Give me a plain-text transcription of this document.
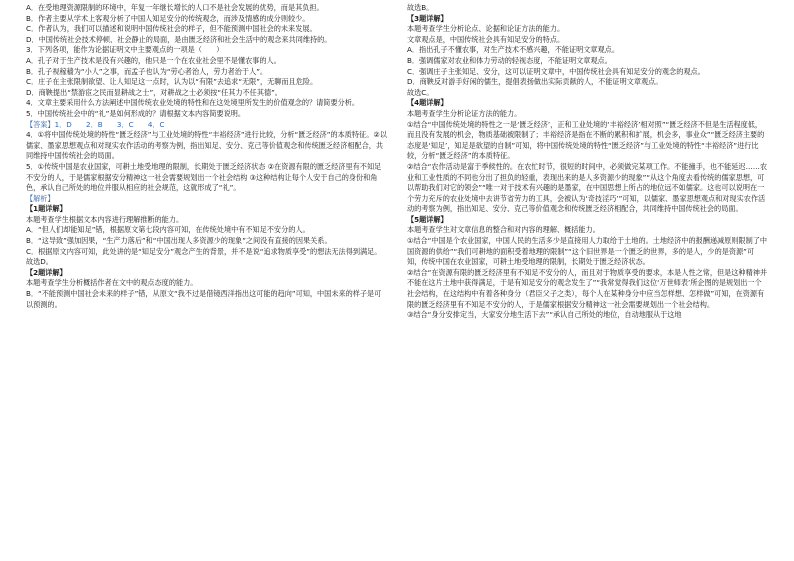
A．在受地理资源限制的环境中，年复一年继长增长的人口不是社会发展的优势，而是其负担。

B．作者主要从学术上客观分析了中国人知足安分的传统观念，而涉及情感的成分则较少。

C．作者认为，我们可以描述和说明中国传统社会的样子，但不能预测中国社会的未来发展。

D．中国传统社会技术停顿、社会静止的局面，是由匮乏经济和社会生活中的观念来共同维持的。

3．下列各项，能作为论据证明文中主要观点的一项是（　　）

A．孔子对于生产技术是没有兴趣的，他只是一个在农业社会里不是懂农事的人。

B．孔子视稼穑为“小人”之事，而孟子也认为“劳心者治人，劳力者治于人”。

C．庄子在主张限制欲望、让人知足这一点时，认为以“有限”去追求“无限”，无聊而且危险。

D．商鞅提出“禁游宦之民而显耕战之士”，对耕战之士必须按“任其力不任其德”。

4．文章主要采用什么方法阐述中国传统农业处境的特性和在这处境里所发生的价值观念的？请简要分析。

5．中国传统社会中的“礼”是如何形成的？请根据文本内容简要说明。

【答案】1．D　　2．B　　3．C　　4．C

4．①将中国传统处境的特性“匮乏经济”与工业处境的特性“丰裕经济”进行比较，分析“匮乏经济”的本质特征。②以儒家、墨家思想观点和对现实农作活动的考察为例，指出知足、安分、克己等价值观念和传统匮乏经济相配合，共同维持中国传统社会的局面。

5．①传统中国是农业国家，可耕土地受地理的限制，长期处于匮乏经济状态 ②在资源有限的匮乏经济里有不知足不安分的人，于是儒家根据安分精神这一社会需要规划出一个社会结构 ③这种结构让每个人安于自己的身份和角色，承认自己所处的地位并服从相应的社会规范，这就形成了“礼”。

【解析】

【1题详解】

本题考查学生根据文本内容进行理解推断的能力。

A．“但人们却能知足”错，根据原文第七段内容可知，在传统处境中有不知足不安分的人。

B．“这导致”强加因果，“生产力落后”和“中国出现人多资源少的现象”之间没有直接的因果关系。

C．根据原文内容可知，此处讲的是“知足安分”观念产生的背景，并不是说“追求物质享受”的想法无法得到满足。

故选D。

【2题详解】

本题考查学生分析概括作者在文中的观点态度的能力。

B．“不能预测中国社会未来的样子”错，从原文“我不过是借镜西洋指出这可能的趋向”可知，中国未来的样子是可以预测的。

故选B。

【3题详解】

本题考查学生分析论点、论据和论证方法的能力。

文章观点是，中国传统社会具有知足安分的特点。

A．指出孔子不懂农事，对生产技术不感兴趣，不能证明文章观点。

B．强调儒家对农业和体力劳动的轻视态度，不能证明文章观点。

C．强调庄子主张知足、安分，这可以证明文章中，中国传统社会具有知足安分的观念的观点。

D．商鞅反对游手好闲的儒生，提倡表扬做出实际贡献的人，不能证明文章观点。

故选C。

【4题详解】

本题考查学生分析论证方法的能力。

①结合“中国传统处境的特性之一是‘匮乏经济’，正和工业处境的‘丰裕经济’相对照”“匮乏经济不但是生活程度低，而且没有发展的机会，物质基础被限制了；丰裕经济是指在不断的累积和扩展，机会多，事业众”“匮乏经济主要的态度是‘知足’，知足是欲望的自制”可知，将中国传统处境的特性“匮乏经济”与工业处境的特性“丰裕经济”进行比较，分析“匮乏经济”的本质特征。

②结合“农作活动是富于季候性的。在农忙时节，很短的时间中，必须做完某项工作。不能撞手，也不能延迟……农业和工业性质的不同也分出了担负的轻重，表现出来的是人多资源少的现象”“从这个角度去看传统的儒家思想，可以帮助我们对它的领会”“唯一对于技术有兴趣的是墨家，在中国思想上所占的地位远不如儒家。这也可以说明在一个劳力充斥的农业处境中去讲节省劳力的工具，会被认为‘奇技淫巧’”可知，以儒家、墨家思想观点和对现实农作活动的考察为例，指出知足、安分、克己等价值观念和传统匮乏经济相配合，共同维持中国传统社会的局面。

【5题详解】

本题考查学生对文章信息的整合和对内容的理解、概括能力。

①结合“中国是个农业国家，中国人民的生活多少是直接用人力取给于土地的。土地经济中的报酬递减原则限制了中国资源的供给”“我们可耕地的面积受着地理的限制”“这个旧世界是一个匮乏的世界，多的是人，少的是资源”可知，传统中国在农业国家，可耕土地受地理的限制，长期处于匮乏经济状态。

②结合“在资源有限的匮乏经济里有不知足不安分的人，而且对于物质享受的要求，本是人性之常，但是这种精神并不能在这片土地中获得满足，于是有知足安分的观念发生了”“我常觉得我们这位‘万世师表’所企图的是规划出一个社会结构，在这结构中有着各种身分（君臣父子之类），每个人在某种身分中应当怎样想、怎样做”可知，在资源有限的匮乏经济里有不知足不安分的人，于是儒家根据安分精神这一社会需要规划出一个社会结构。

③结合“身分安排定当，大家安分地生活下去”“承认自己所处的地位，自动地服从于这地
